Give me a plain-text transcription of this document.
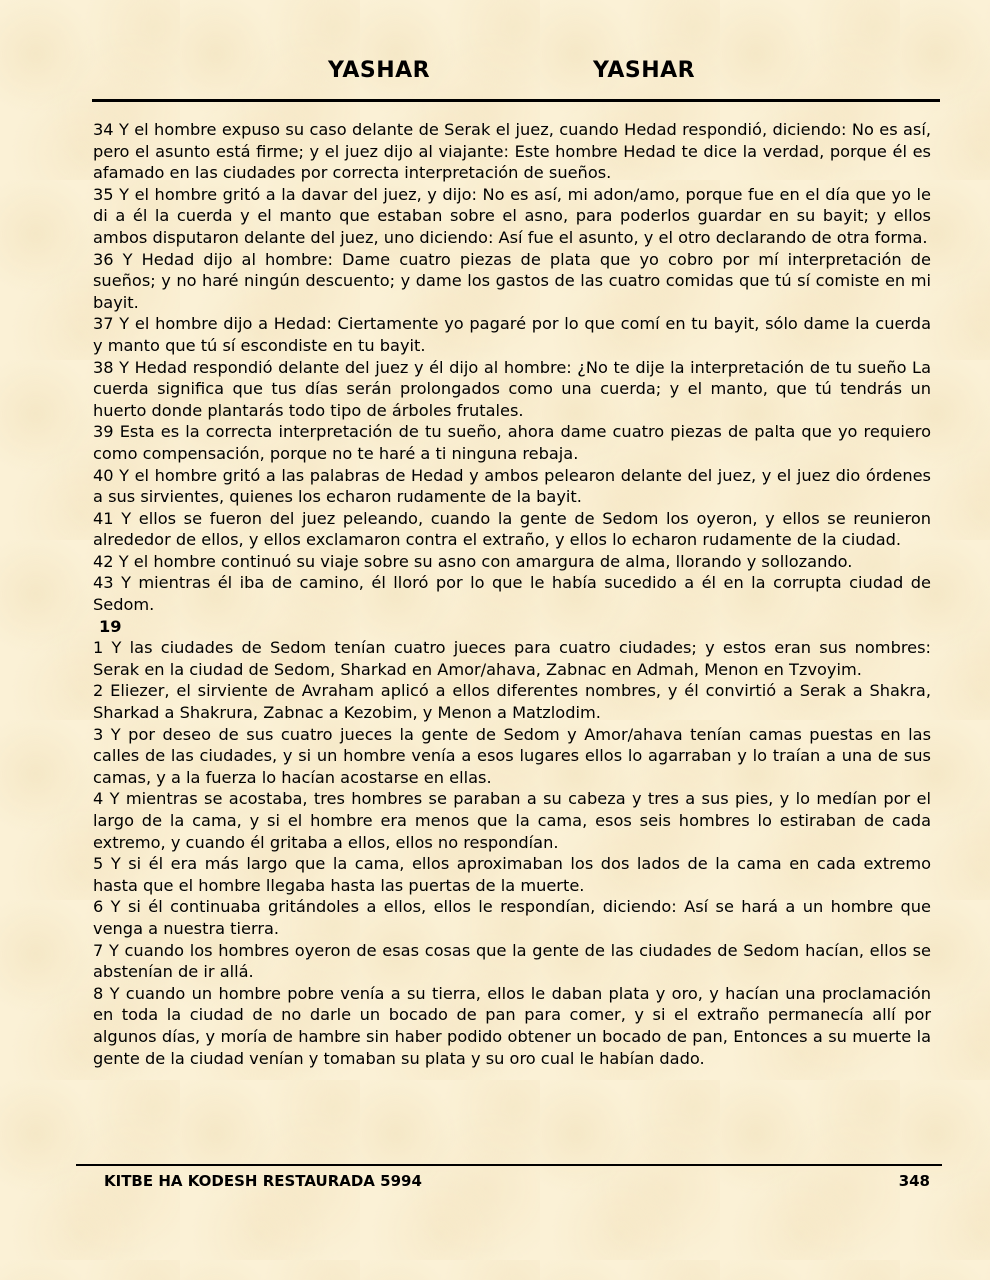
YASHAR	YASHAR

34 Y el hombre expuso su caso delante de Serak el juez, cuando Hedad respondió, diciendo: No es así, pero el asunto está firme; y el juez dijo al viajante: Este hombre Hedad te dice la verdad, porque él es afamado en las ciudades por correcta interpretación de sueños.

35 Y el hombre gritó a la davar del juez, y dijo: No es así, mi adon/amo, porque fue en el día que yo le di a él la cuerda y el manto que estaban sobre el asno, para poderlos guardar en su bayit; y ellos ambos disputaron delante del juez, uno diciendo: Así fue el asunto, y el otro declarando de otra forma.

36 Y Hedad dijo al hombre: Dame cuatro piezas de plata que yo cobro por mí interpretación de sueños; y no haré ningún descuento; y dame los gastos de las cuatro comidas que tú sí comiste en mi bayit.

37 Y el hombre dijo a Hedad: Ciertamente yo pagaré por lo que comí en tu bayit, sólo dame la cuerda y manto que tú sí escondiste en tu bayit.

38 Y Hedad respondió delante del juez y él dijo al hombre: ¿No te dije la interpretación de tu sueño La cuerda significa que tus días serán prolongados como una cuerda; y el manto, que tú tendrás un huerto donde plantarás todo tipo de árboles frutales.

39 Esta es la correcta interpretación de tu sueño, ahora dame cuatro piezas de palta que yo requiero como compensación, porque no te haré a ti ninguna rebaja.

40 Y el hombre gritó a las palabras de Hedad y ambos pelearon delante del juez, y el juez dio órdenes a sus sirvientes, quienes los echaron rudamente de la bayit.

41 Y ellos se fueron del juez peleando, cuando la gente de Sedom los oyeron, y ellos se reunieron alrededor de ellos, y ellos exclamaron contra el extraño, y ellos lo echaron rudamente de la ciudad.

42 Y el hombre continuó su viaje sobre su asno con amargura de alma, llorando y sollozando.

43 Y mientras él iba de camino, él lloró por lo que le había sucedido a él en la corrupta ciudad de Sedom.

19

1 Y las ciudades de Sedom tenían cuatro jueces para cuatro ciudades; y estos eran sus nombres: Serak en la ciudad de Sedom, Sharkad en Amor/ahava, Zabnac en Admah, Menon en Tzvoyim.

2 Eliezer, el sirviente de Avraham aplicó a ellos diferentes nombres, y él convirtió a Serak a Shakra, Sharkad a Shakrura, Zabnac a Kezobim, y Menon a Matzlodim.

3 Y por deseo de sus cuatro jueces la gente de Sedom y Amor/ahava tenían camas puestas en las calles de las ciudades, y si un hombre venía a esos lugares ellos lo agarraban y lo traían a una de sus camas, y a la fuerza lo hacían acostarse en ellas.

4 Y mientras se acostaba, tres hombres se paraban a su cabeza y tres a sus pies, y lo medían por el largo de la cama, y si el hombre era menos que la cama, esos seis hombres lo estiraban de cada extremo, y cuando él gritaba a ellos, ellos no respondían.

5 Y si él era más largo que la cama, ellos aproximaban los dos lados de la cama en cada extremo hasta que el hombre llegaba hasta las puertas de la muerte.

6 Y si él continuaba gritándoles a ellos, ellos le respondían, diciendo: Así se hará a un hombre que venga a nuestra tierra.

7 Y cuando los hombres oyeron de esas cosas que la gente de las ciudades de Sedom hacían, ellos se abstenían de ir allá.

8 Y cuando un hombre pobre venía a su tierra, ellos le daban plata y oro, y hacían una proclamación en toda la ciudad de no darle un bocado de pan para comer, y si el extraño permanecía allí por algunos días, y moría de hambre sin haber podido obtener un bocado de pan, Entonces a su muerte la gente de la ciudad venían y tomaban su plata y su oro cual le habían dado.

KITBE HA KODESH RESTAURADA 5994	348
